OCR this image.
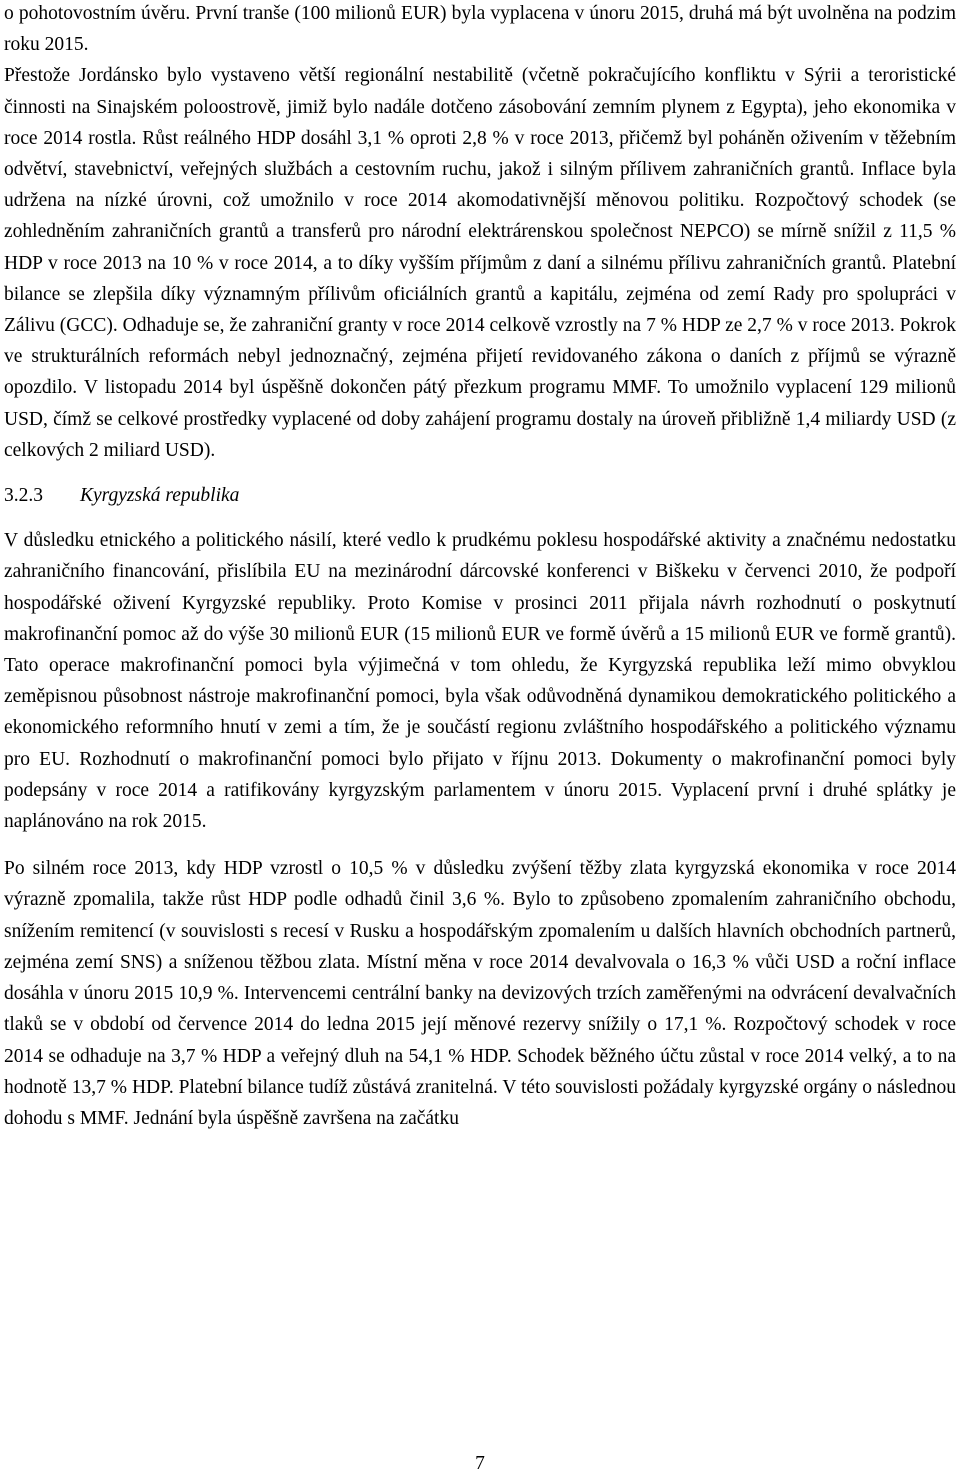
o pohotovostním úvěru. První tranše (100 milionů EUR) byla vyplacena v únoru 2015, druhá má být uvolněna na podzim roku 2015.

Přestože Jordánsko bylo vystaveno větší regionální nestabilitě (včetně pokračujícího konfliktu v Sýrii a teroristické činnosti na Sinajském poloostrově, jimiž bylo nadále dotčeno zásobování zemním plynem z Egypta), jeho ekonomika v roce 2014 rostla. Růst reálného HDP dosáhl 3,1 % oproti 2,8 % v roce 2013, přičemž byl poháněn oživením v těžebním odvětví, stavebnictví, veřejných službách a cestovním ruchu, jakož i silným přílivem zahraničních grantů. Inflace byla udržena na nízké úrovni, což umožnilo v roce 2014 akomodativnější měnovou politiku. Rozpočtový schodek (se zohledněním zahraničních grantů a transferů pro národní elektrárenskou společnost NEPCO) se mírně snížil z 11,5 % HDP v roce 2013 na 10 % v roce 2014, a to díky vyšším příjmům z daní a silnému přílivu zahraničních grantů. Platební bilance se zlepšila díky významným přílivům oficiálních grantů a kapitálu, zejména od zemí Rady pro spolupráci v Zálivu (GCC). Odhaduje se, že zahraniční granty v roce 2014 celkově vzrostly na 7 % HDP ze 2,7 % v roce 2013. Pokrok ve strukturálních reformách nebyl jednoznačný, zejména přijetí revidovaného zákona o daních z příjmů se výrazně opozdilo. V listopadu 2014 byl úspěšně dokončen pátý přezkum programu MMF. To umožnilo vyplacení 129 milionů USD, čímž se celkové prostředky vyplacené od doby zahájení programu dostaly na úroveň přibližně 1,4 miliardy USD (z celkových 2 miliard USD).

3.2.3	Kyrgyzská republika

V důsledku etnického a politického násilí, které vedlo k prudkému poklesu hospodářské aktivity a značnému nedostatku zahraničního financování, přislíbila EU na mezinárodní dárcovské konferenci v Biškeku v červenci 2010, že podpoří hospodářské oživení Kyrgyzské republiky. Proto Komise v prosinci 2011 přijala návrh rozhodnutí o poskytnutí makrofinanční pomoc až do výše 30 milionů EUR (15 milionů EUR ve formě úvěrů a 15 milionů EUR ve formě grantů). Tato operace makrofinanční pomoci byla výjimečná v tom ohledu, že Kyrgyzská republika leží mimo obvyklou zeměpisnou působnost nástroje makrofinanční pomoci, byla však odůvodněná dynamikou demokratického politického a ekonomického reformního hnutí v zemi a tím, že je součástí regionu zvláštního hospodářského a politického významu pro EU. Rozhodnutí o makrofinanční pomoci bylo přijato v říjnu 2013. Dokumenty o makrofinanční pomoci byly podepsány v roce 2014 a ratifikovány kyrgyzským parlamentem v únoru 2015. Vyplacení první i druhé splátky je naplánováno na rok 2015.

Po silném roce 2013, kdy HDP vzrostl o 10,5 % v důsledku zvýšení těžby zlata kyrgyzská ekonomika v roce 2014 výrazně zpomalila, takže růst HDP podle odhadů činil 3,6 %. Bylo to způsobeno zpomalením zahraničního obchodu, snížením remitencí (v souvislosti s recesí v Rusku a hospodářským zpomalením u dalších hlavních obchodních partnerů, zejména zemí SNS) a sníženou těžbou zlata. Místní měna v roce 2014 devalvovala o 16,3 % vůči USD a roční inflace dosáhla v únoru 2015 10,9 %. Intervencemi centrální banky na devizových trzích zaměřenými na odvrácení devalvačních tlaků se v období od července 2014 do ledna 2015 její měnové rezervy snížily o 17,1 %. Rozpočtový schodek v roce 2014 se odhaduje na 3,7 % HDP a veřejný dluh na 54,1 % HDP. Schodek běžného účtu zůstal v roce 2014 velký, a to na hodnotě 13,7 % HDP. Platební bilance tudíž zůstává zranitelná. V této souvislosti požádaly kyrgyzské orgány o následnou dohodu s MMF. Jednání byla úspěšně završena na začátku

7
